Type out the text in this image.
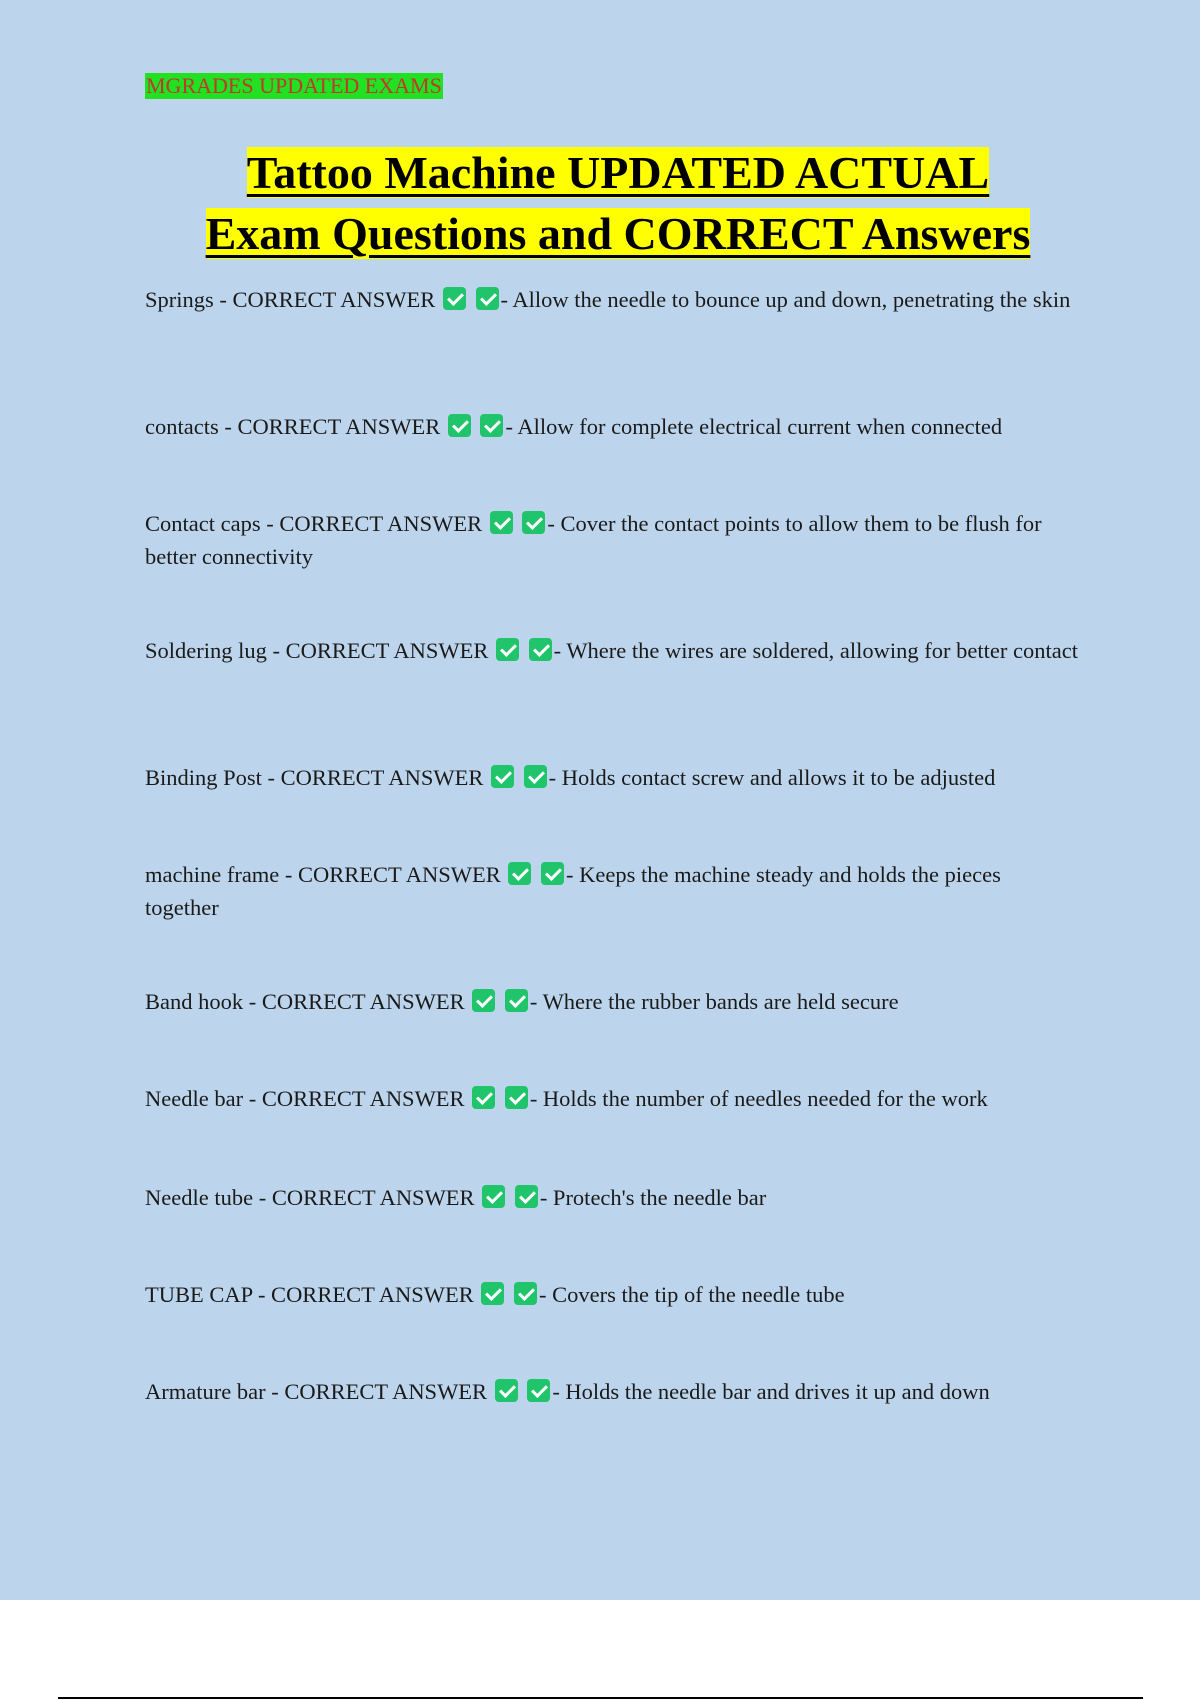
MGRADES UPDATED EXAMS
Tattoo Machine UPDATED ACTUAL
Exam Questions and CORRECT Answers
Springs - CORRECT ANSWER	- Allow the needle to bounce up and down, penetrating the skin
contacts - CORRECT ANSWER	- Allow for complete electrical current when connected
Contact caps - CORRECT ANSWER	- Cover the contact points to allow them to be flush for better connectivity
Soldering lug - CORRECT ANSWER	- Where the wires are soldered, allowing for better contact
Binding Post - CORRECT ANSWER	- Holds contact screw and allows it to be adjusted
machine frame - CORRECT ANSWER	- Keeps the machine steady and holds the pieces together
Band hook - CORRECT ANSWER	- Where the rubber bands are held secure
Needle bar - CORRECT ANSWER	- Holds the number of needles needed for the work
Needle tube - CORRECT ANSWER	- Protech's the needle bar
TUBE CAP - CORRECT ANSWER	- Covers the tip of the needle tube
Armature bar - CORRECT ANSWER	- Holds the needle bar and drives it up and down
